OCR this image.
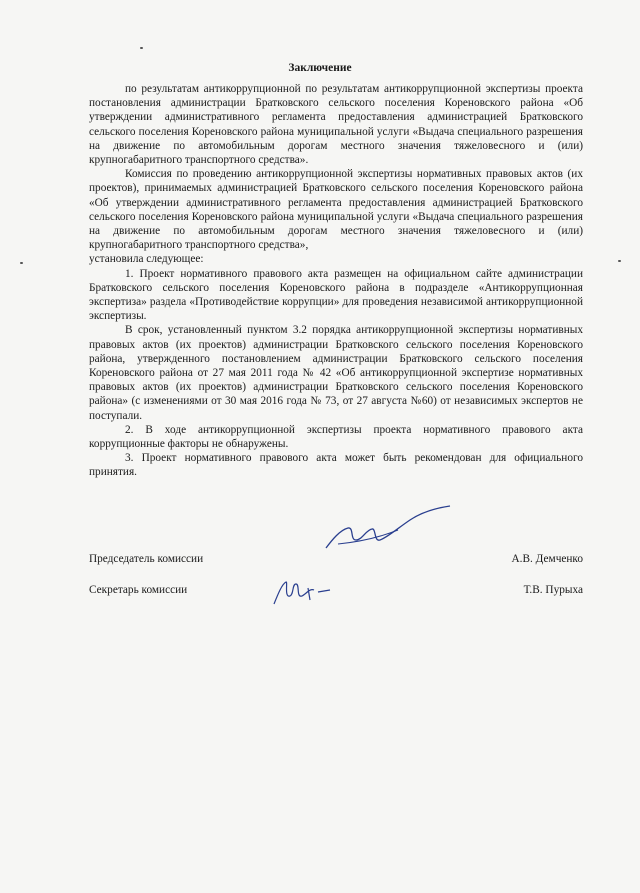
Заключение

по результатам антикоррупционной по результатам антикоррупционной экспертизы проекта постановления администрации Братковского сельского поселения Кореновского района «Об утверждении административного регламента предоставления администрацией Братковского сельского поселения Кореновского района муниципальной услуги «Выдача специального разрешения на движение по автомобильным дорогам местного значения тяжеловесного и (или) крупногабаритного транспортного средства».

Комиссия по проведению антикоррупционной экспертизы нормативных правовых актов (их проектов), принимаемых администрацией Братковского сельского поселения Кореновского района «Об утверждении административного регламента предоставления администрацией Братковского сельского поселения Кореновского района муниципальной услуги «Выдача специального разрешения на движение по автомобильным дорогам местного значения тяжеловесного и (или) крупногабаритного транспортного средства»,

установила следующее:

1. Проект нормативного правового акта размещен на официальном сайте администрации Братковского сельского поселения Кореновского района в подразделе «Антикоррупционная экспертиза» раздела «Противодействие коррупции» для проведения независимой антикоррупционной экспертизы.

В срок, установленный пунктом 3.2 порядка антикоррупционной экспертизы нормативных правовых актов (их проектов) администрации Братковского сельского поселения Кореновского района, утвержденного постановлением администрации Братковского сельского поселения Кореновского района от 27 мая 2011 года № 42 «Об антикоррупционной экспертизе нормативных правовых актов (их проектов) администрации Братковского сельского поселения Кореновского района» (с изменениями от 30 мая 2016 года № 73, от 27 августа №60) от независимых экспертов не поступали.

2. В ходе антикоррупционной экспертизы проекта нормативного правового акта коррупционные факторы не обнаружены.

3. Проект нормативного правового акта может быть рекомендован для официального принятия.

Председатель комиссии	А.В. Демченко
Секретарь комиссии	Т.В. Пурыха
